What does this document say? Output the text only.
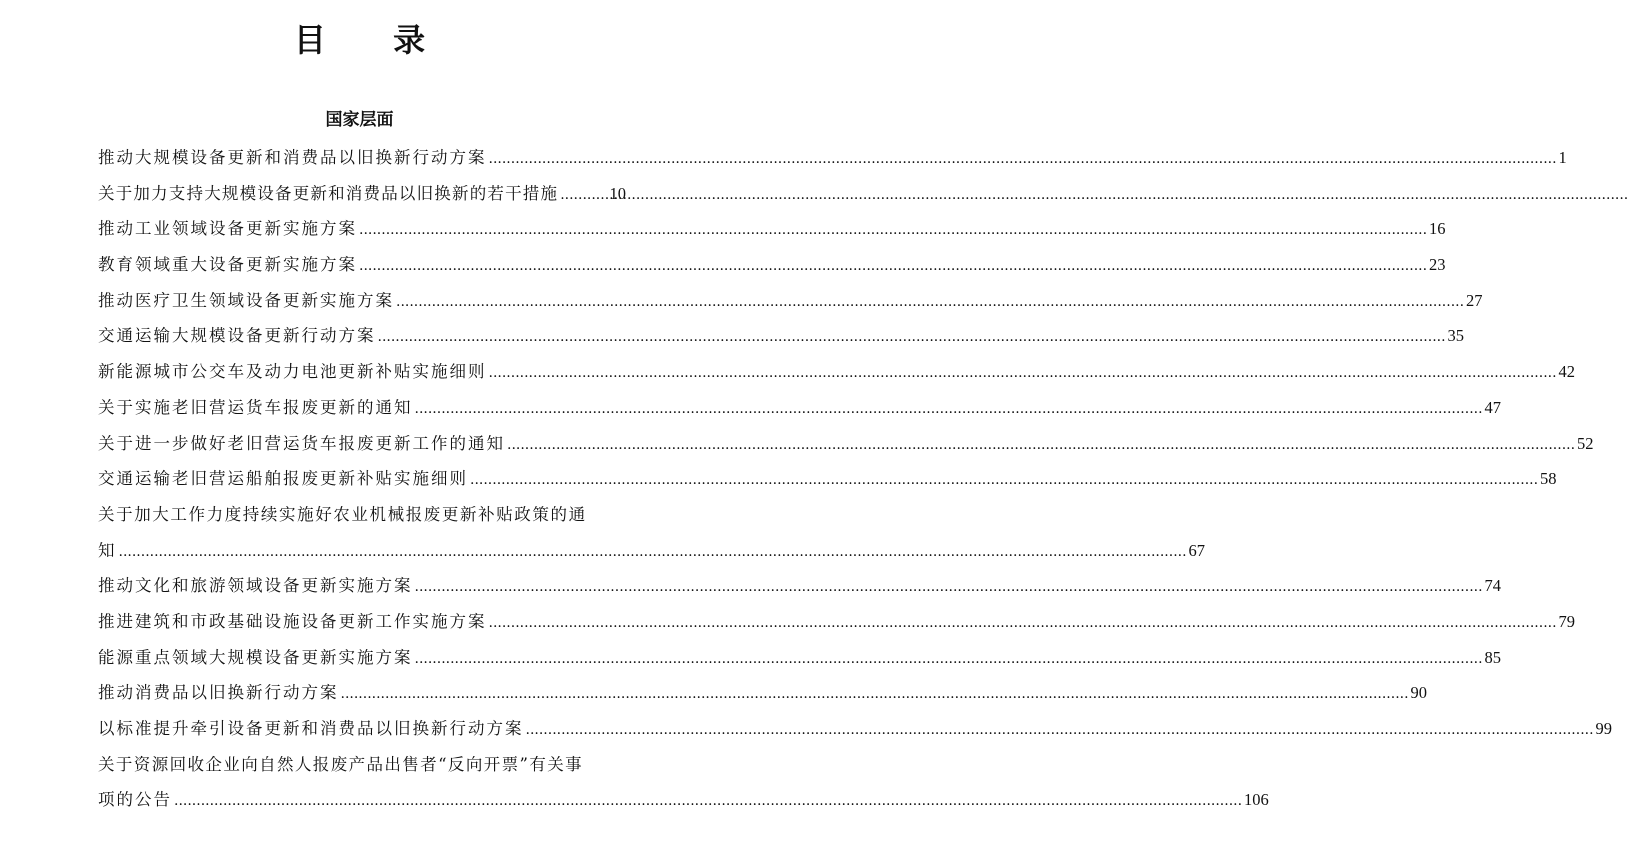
目 录
国家层面
推动大规模设备更新和消费品以旧换新行动方案 .....	1
关于加力支持大规模设备更新和消费品以旧换新的若干措施 .....	10
推动工业领域设备更新实施方案 .....	16
教育领域重大设备更新实施方案 .....	23
推动医疗卫生领域设备更新实施方案 .....	27
交通运输大规模设备更新行动方案 .....	35
新能源城市公交车及动力电池更新补贴实施细则 .....	42
关于实施老旧营运货车报废更新的通知 .....	47
关于进一步做好老旧营运货车报废更新工作的通知 .....	52
交通运输老旧营运船舶报废更新补贴实施细则 .....	58
关于加大工作力度持续实施好农业机械报废更新补贴政策的通
知 .....	67
推动文化和旅游领域设备更新实施方案 .....	74
推进建筑和市政基础设施设备更新工作实施方案 .....	79
能源重点领域大规模设备更新实施方案 .....	85
推动消费品以旧换新行动方案 .....	90
以标准提升牵引设备更新和消费品以旧换新行动方案 .....	99
关于资源回收企业向自然人报废产品出售者“反向开票”有关事
项的公告 .....	106
